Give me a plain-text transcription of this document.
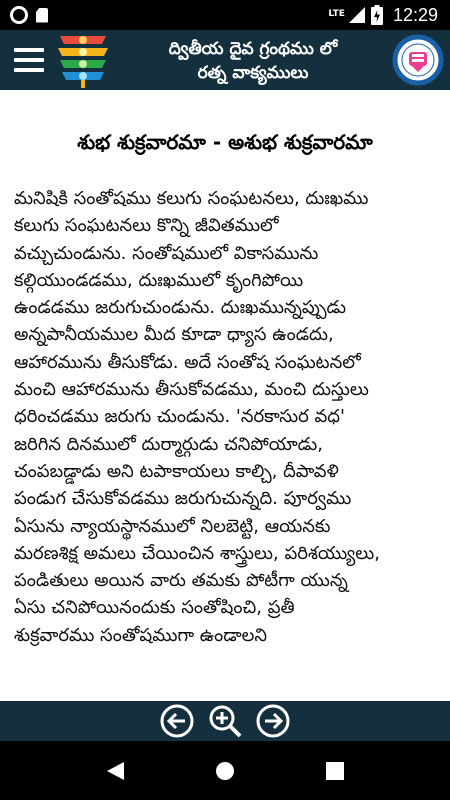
LTE	12:29
ద్వితీయ దైవ గ్రంథము లో
రత్న వాక్యములు
శుభ శుక్రవారమా - అశుభ శుక్రవారమా
మనిషికి సంతోషము కలుగు సంఘటనలు, దుఃఖము
కలుగు సంఘటనలు కొన్ని జీవితములో
వచ్చుచుండును. సంతోషములో వికాసమును
కల్గియుండడము, దుఃఖములో కృంగిపోయి
ఉండడము జరుగుచుండును. దుఃఖమున్నప్పుడు
అన్నపానీయముల మీద కూడా ధ్యాస ఉండదు,
ఆహారమును తీసుకోడు. అదే సంతోష సంఘటనలో
మంచి ఆహారమును తీసుకోవడము, మంచి దుస్తులు
ధరించడము జరుగు చుండును. 'నరకాసుర వధ'
జరిగిన దినములో దుర్మార్గుడు చనిపోయాడు,
చంపబడ్డాడు అని టపాకాయలు కాల్చి, దీపావళి
పండుగ చేసుకోవడము జరుగుచున్నది. పూర్వము
ఏసును న్యాయస్థానములో నిలబెట్టి, ఆయనకు
మరణశిక్ష అమలు చేయించిన శాస్త్రులు, పరిశయ్యులు,
పండితులు అయిన వారు తమకు పోటీగా యున్న
ఏసు చనిపోయినందుకు సంతోషించి, ప్రతీ
శుక్రవారము సంతోషముగా ఉండాలని
